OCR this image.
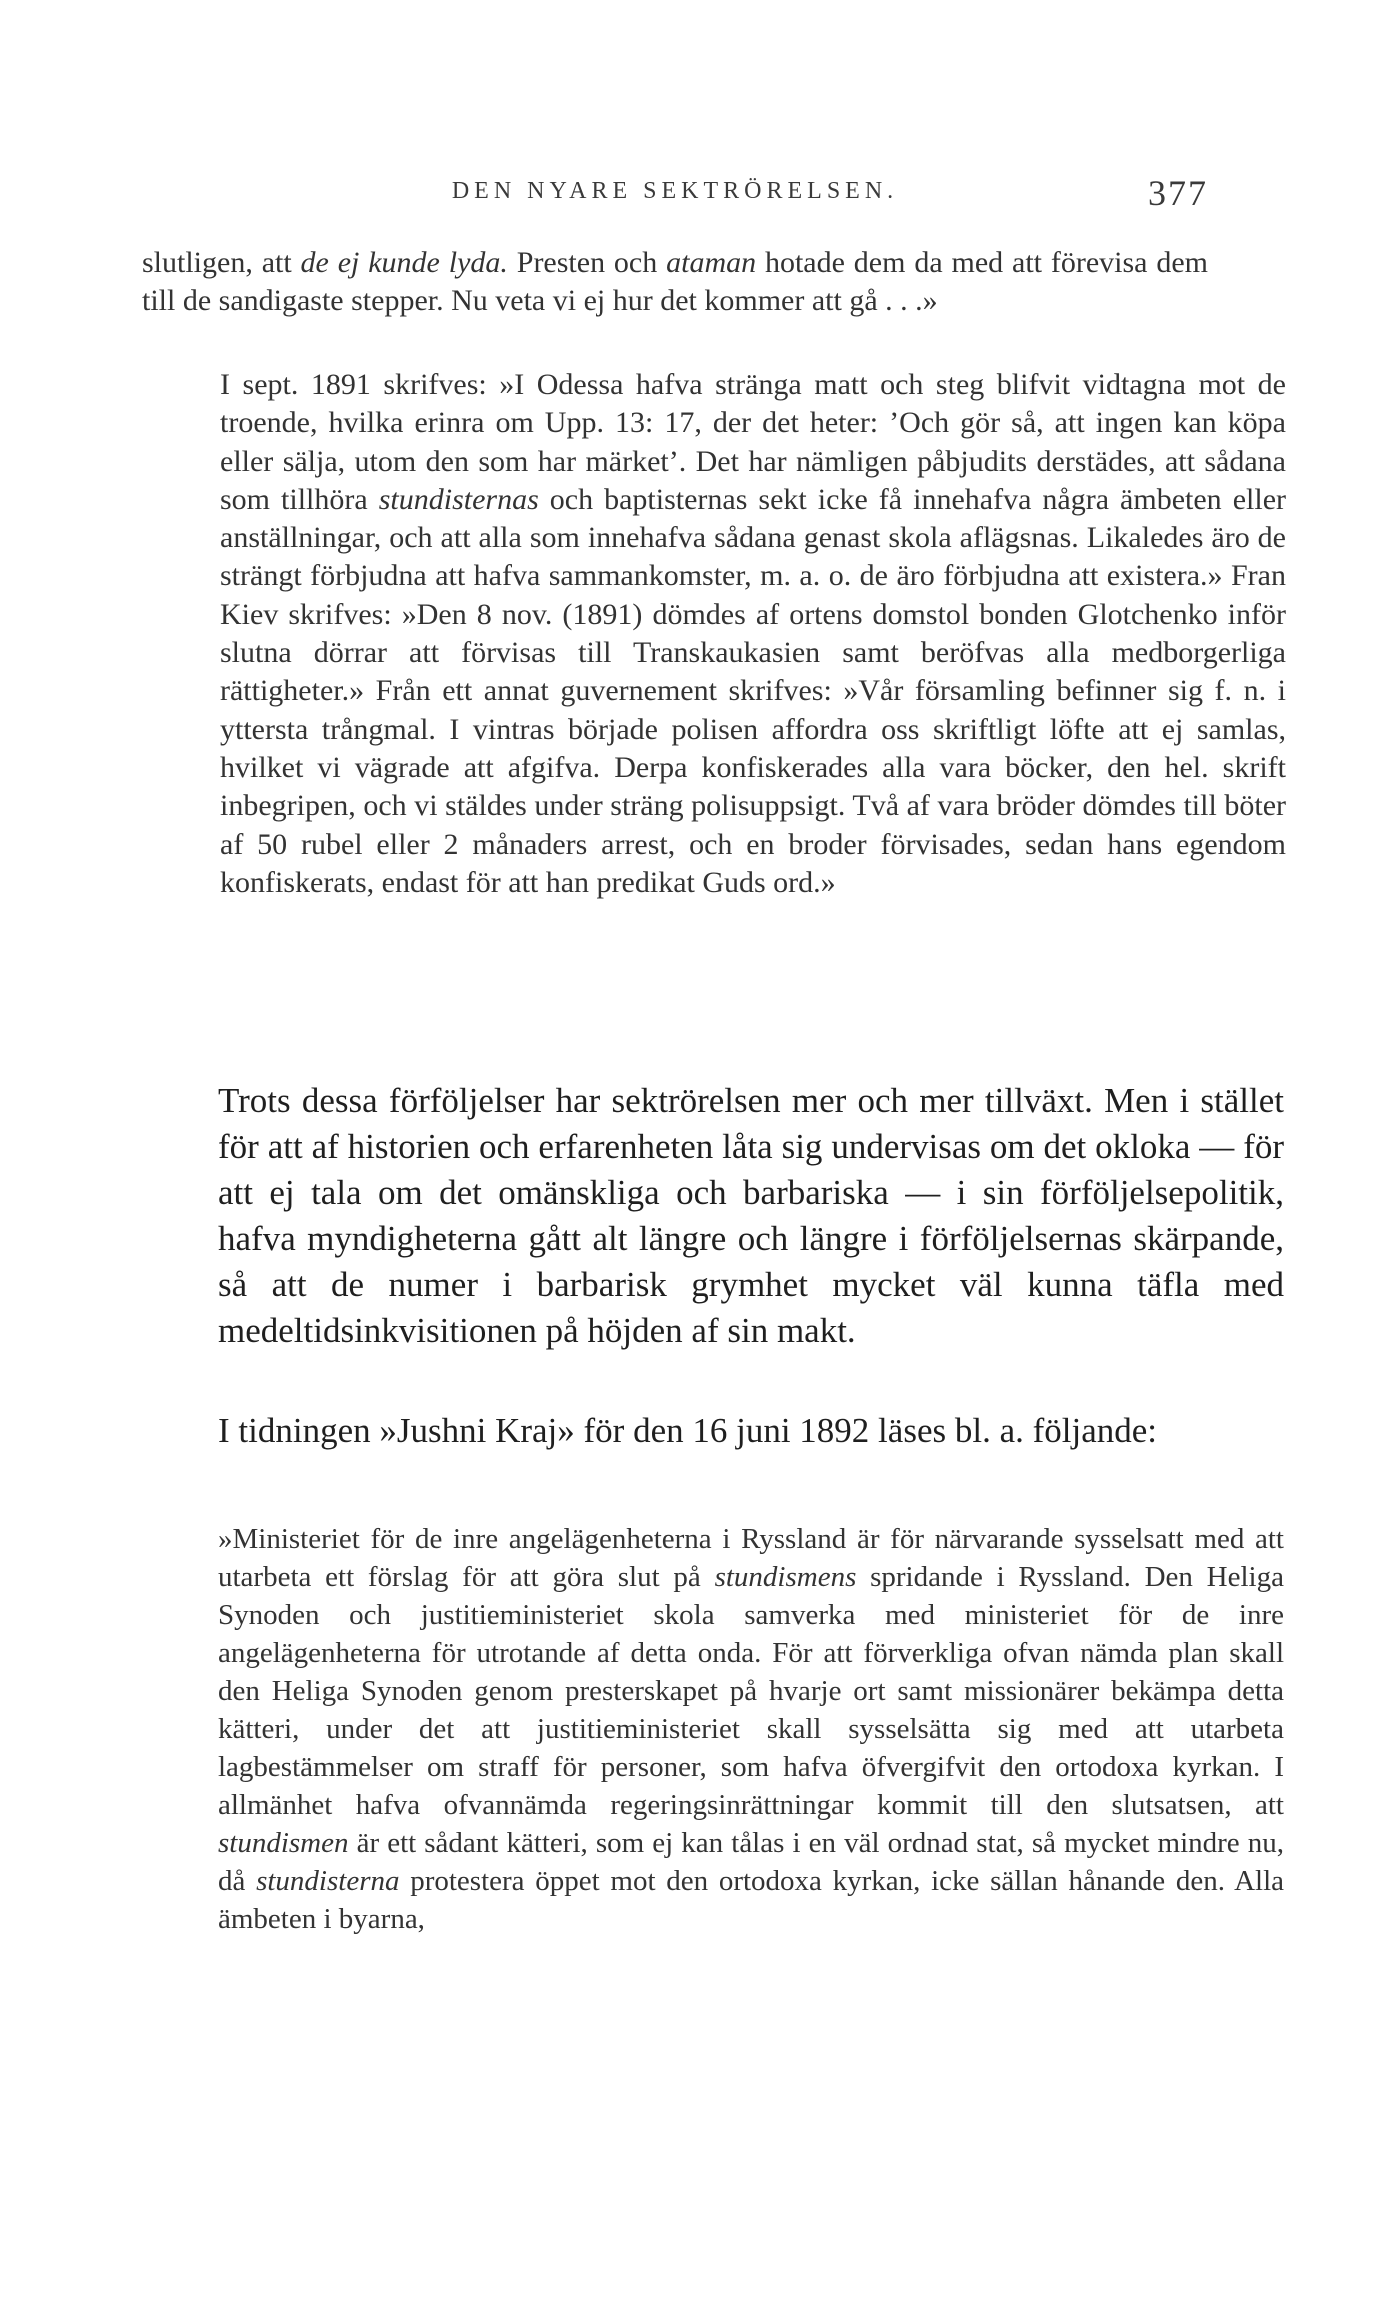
DEN NYARE SEKTRÖRELSEN.	377

slutligen, att de ej kunde lyda. Presten och ataman hotade dem da med att förevisa dem till de sandigaste stepper. Nu veta vi ej hur det kommer att gå . . .»

I sept. 1891 skrifves: »I Odessa hafva stränga matt och steg blifvit vidtagna mot de troende, hvilka erinra om Upp. 13: 17, der det heter: ’Och gör så, att ingen kan köpa eller sälja, utom den som har märket’. Det har nämligen påbjudits derstädes, att sådana som tillhöra stundisternas och baptisternas sekt icke få innehafva några ämbeten eller anställningar, och att alla som innehafva sådana genast skola aflägsnas. Likaledes äro de strängt förbjudna att hafva sammankomster, m. a. o. de äro förbjudna att existera.» Fran Kiev skrifves: »Den 8 nov. (1891) dömdes af ortens domstol bonden Glotchenko inför slutna dörrar att förvisas till Transkaukasien samt beröfvas alla medborgerliga rättigheter.» Från ett annat guvernement skrifves: »Vår församling befinner sig f. n. i yttersta trångmal. I vintras började polisen affordra oss skriftligt löfte att ej samlas, hvilket vi vägrade att afgifva. Derpa konfiskerades alla vara böcker, den hel. skrift inbegripen, och vi stäldes under sträng polisuppsigt. Två af vara bröder dömdes till böter af 50 rubel eller 2 månaders arrest, och en broder förvisades, sedan hans egendom konfiskerats, endast för att han predikat Guds ord.»

Trots dessa förföljelser har sektrörelsen mer och mer tillväxt. Men i stället för att af historien och erfarenheten låta sig undervisas om det okloka — för att ej tala om det omänskliga och barbariska — i sin förföljelsepolitik, hafva myndigheterna gått alt längre och längre i förföljelsernas skärpande, så att de numer i barbarisk grymhet mycket väl kunna täfla med medeltidsinkvisitionen på höjden af sin makt.

I tidningen »Jushni Kraj» för den 16 juni 1892 läses bl. a. följande:

»Ministeriet för de inre angelägenheterna i Ryssland är för närvarande sysselsatt med att utarbeta ett förslag för att göra slut på stundismens spridande i Ryssland. Den Heliga Synoden och justitieministeriet skola samverka med ministeriet för de inre angelägenheterna för utrotande af detta onda. För att förverkliga ofvan nämda plan skall den Heliga Synoden genom presterskapet på hvarje ort samt missionärer bekämpa detta kätteri, under det att justitieministeriet skall sysselsätta sig med att utarbeta lagbestämmelser om straff för personer, som hafva öfvergifvit den ortodoxa kyrkan. I allmänhet hafva ofvannämda regeringsinrättningar kommit till den slutsatsen, att stundismen är ett sådant kätteri, som ej kan tålas i en väl ordnad stat, så mycket mindre nu, då stundisterna protestera öppet mot den ortodoxa kyrkan, icke sällan hånande den. Alla ämbeten i byarna,
